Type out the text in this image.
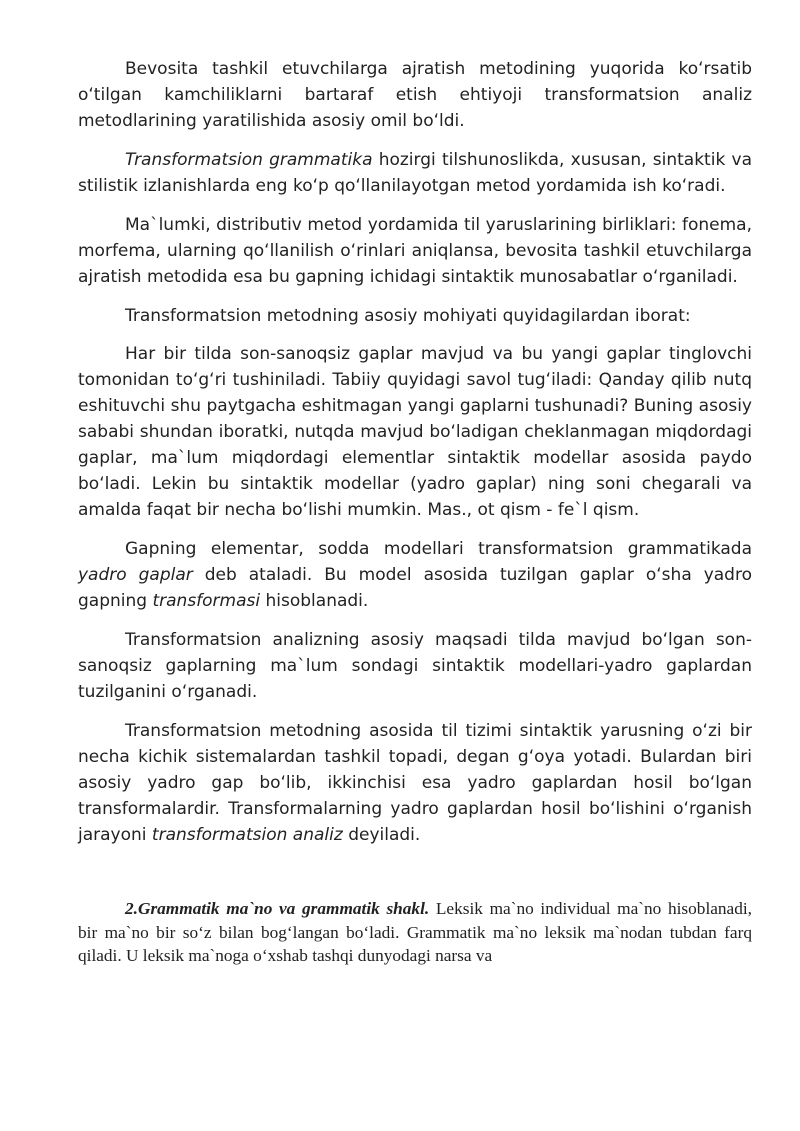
Bevosita tashkil etuvchilarga ajratish metodining yuqorida koʻrsatib oʻtilgan kamchiliklarni bartaraf etish ehtiyoji transformatsion analiz metodlarining yaratilishida asosiy omil boʻldi.

Transformatsion grammatika hozirgi tilshunoslikda, xususan, sintaktik va stilistik izlanishlarda eng koʻp qoʻllanilayotgan metod yordamida ish koʻradi.

Ma`lumki, distributiv metod yordamida til yaruslarining birliklari: fonema, morfema, ularning qoʻllanilish oʻrinlari aniqlansa, bevosita tashkil etuvchilarga ajratish metodida esa bu gapning ichidagi sintaktik munosabatlar oʻrganiladi.

Transformatsion metodning asosiy mohiyati quyidagilardan iborat:

Har bir tilda son-sanoqsiz gaplar mavjud va bu yangi gaplar tinglovchi tomonidan toʻgʻri tushiniladi. Tabiiy quyidagi savol tugʻiladi: Qanday qilib nutq eshituvchi shu paytgacha eshitmagan yangi gaplarni tushunadi? Buning asosiy sababi shundan iboratki, nutqda mavjud boʻladigan cheklanmagan miqdordagi gaplar, ma`lum miqdordagi elementlar sintaktik modellar asosida paydo boʻladi. Lekin bu sintaktik modellar (yadro gaplar) ning soni chegarali va amalda faqat bir necha boʻlishi mumkin. Mas., ot qism - fe`l qism.

Gapning elementar, sodda modellari transformatsion grammatikada yadro gaplar deb ataladi. Bu model asosida tuzilgan gaplar oʻsha yadro gapning transformasi hisoblanadi.

Transformatsion analizning asosiy maqsadi tilda mavjud boʻlgan son-sanoqsiz gaplarning ma`lum sondagi sintaktik modellari-yadro gaplardan tuzilganini oʻrganadi.

Transformatsion metodning asosida til tizimi sintaktik yarusning oʻzi bir necha kichik sistemalardan tashkil topadi, degan gʻoya yotadi. Bulardan biri asosiy yadro gap boʻlib, ikkinchisi esa yadro gaplardan hosil boʻlgan transformalardir. Transformalarning yadro gaplardan hosil boʻlishini oʻrganish jarayoni transformatsion analiz deyiladi.

2.Grammatik ma`no va grammatik shakl. Leksik ma`no individual ma`no hisoblanadi, bir ma`no bir soʻz bilan bogʻlangan boʻladi. Grammatik ma`no leksik ma`nodan tubdan farq qiladi. U leksik ma`noga oʻxshab tashqi dunyodagi narsa va
